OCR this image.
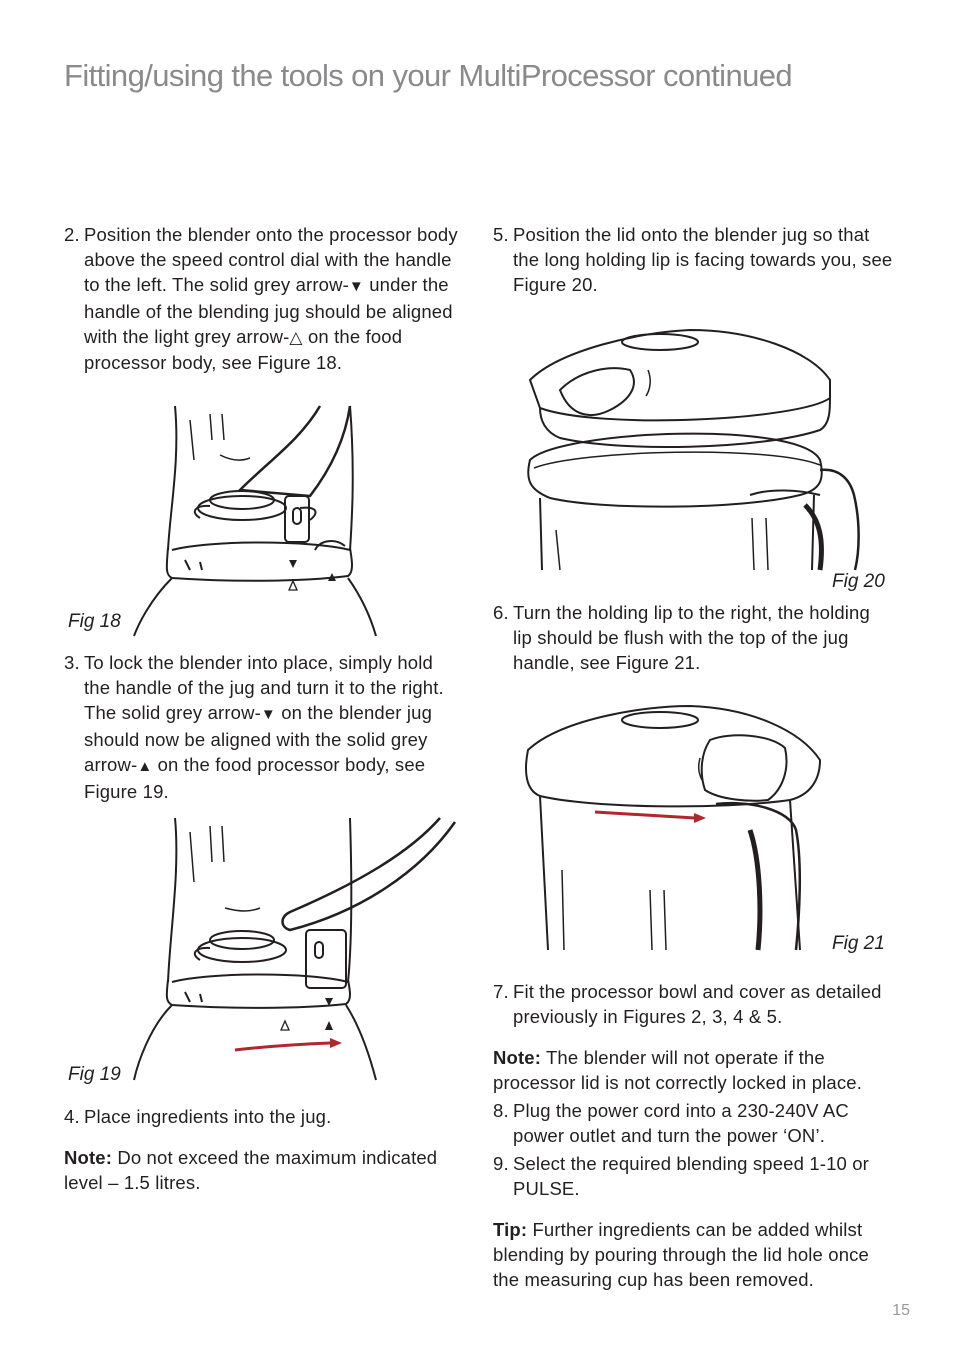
Fitting/using the tools on your MultiProcessor continued
2. Position the blender onto the processor body above the speed control dial with the handle to the left. The solid grey arrow-▼ under the handle of the blending jug should be aligned with the light grey arrow-△ on the food processor body, see Figure 18.
3. To lock the blender into place, simply hold the handle of the jug and turn it to the right. The solid grey arrow-▼ on the blender jug should now be aligned with the solid grey arrow-▲ on the food processor body, see Figure 19.
4. Place ingredients into the jug.
Note: Do not exceed the maximum indicated level – 1.5 litres.
Fig 18
Fig 19
5. Position the lid onto the blender jug so that the long holding lip is facing towards you, see Figure 20.
Fig 20
6. Turn the holding lip to the right, the holding lip should be flush with the top of the jug handle, see Figure 21.
Fig 21
7. Fit the processor bowl and cover as detailed previously in Figures 2, 3, 4 & 5.
Note: The blender will not operate if the processor lid is not correctly locked in place.
8. Plug the power cord into a 230-240V AC power outlet and turn the power ‘ON’.
9. Select the required blending speed 1-10 or PULSE.
Tip: Further ingredients can be added whilst blending by pouring through the lid hole once the measuring cup has been removed.
15
